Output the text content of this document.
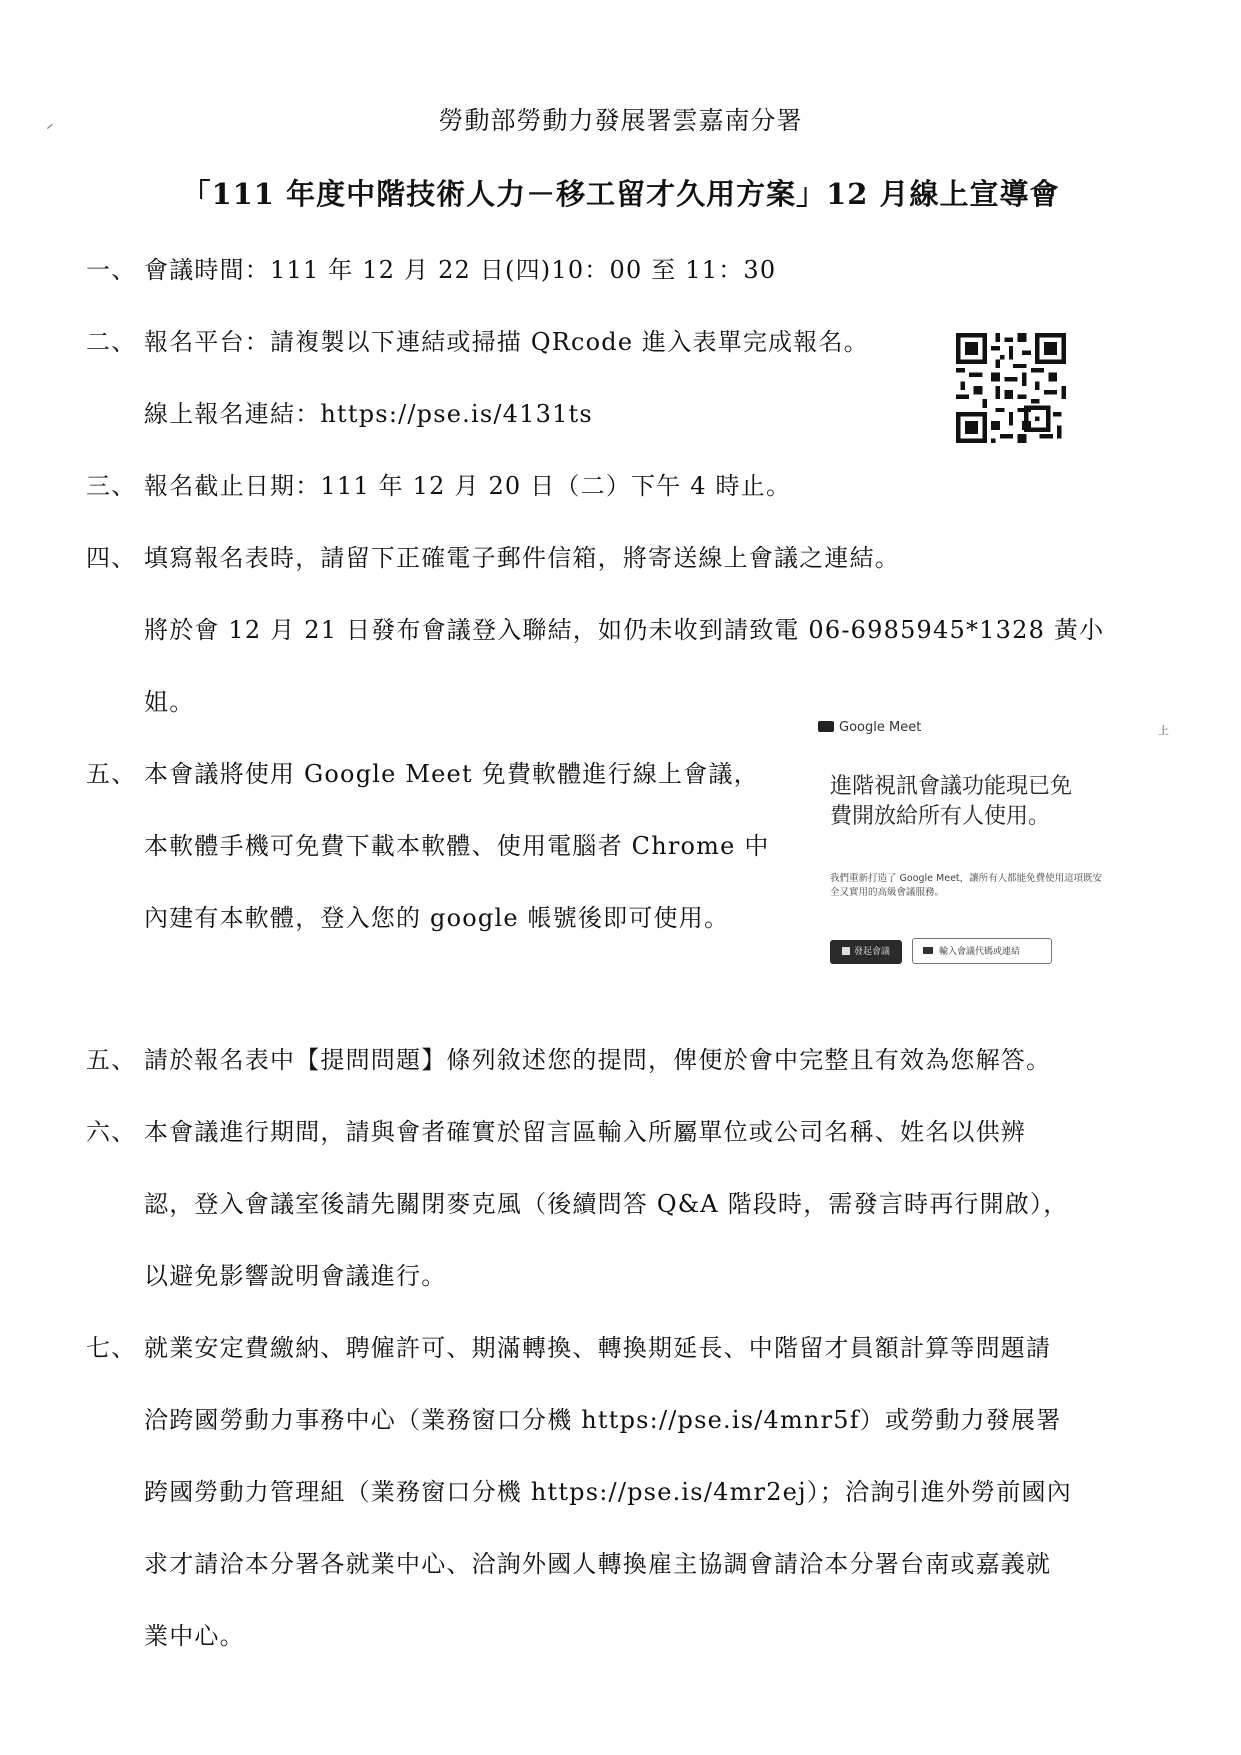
ᐟ	勞動部勞動力發展署雲嘉南分署
「111 年度中階技術人力－移工留才久用方案」12 月線上宣導會
一、 會議時間：111 年 12 月 22 日(四)10：00 至 11：30
二、 報名平台：請複製以下連結或掃描 QRcode 進入表單完成報名。
線上報名連結：https://pse.is/4131ts
三、 報名截止日期：111 年 12 月 20 日（二）下午 4 時止。
四、 填寫報名表時，請留下正確電子郵件信箱，將寄送線上會議之連結。
將於會 12 月 21 日發布會議登入聯結，如仍未收到請致電 06-6985945*1328 黃小
姐。
五、 本會議將使用 Google Meet 免費軟體進行線上會議，
本軟體手機可免費下載本軟體、使用電腦者 Chrome 中
內建有本軟體，登入您的 google 帳號後即可使用。
Google Meet	上
進階視訊會議功能現已免費開放給所有人使用。
我們重新打造了 Google Meet，讓所有人都能免費使用這項既安全又實用的高級會議服務。
發起會議	輸入會議代碼或連結
五、 請於報名表中【提問問題】條列敘述您的提問，俾便於會中完整且有效為您解答。
六、 本會議進行期間，請與會者確實於留言區輸入所屬單位或公司名稱、姓名以供辨
認，登入會議室後請先關閉麥克風（後續問答 Q&A 階段時，需發言時再行開啟），
以避免影響說明會議進行。
七、 就業安定費繳納、聘僱許可、期滿轉換、轉換期延長、中階留才員額計算等問題請
洽跨國勞動力事務中心（業務窗口分機 https://pse.is/4mnr5f）或勞動力發展署
跨國勞動力管理組（業務窗口分機 https://pse.is/4mr2ej）；洽詢引進外勞前國內
求才請洽本分署各就業中心、洽詢外國人轉換雇主協調會請洽本分署台南或嘉義就
業中心。
